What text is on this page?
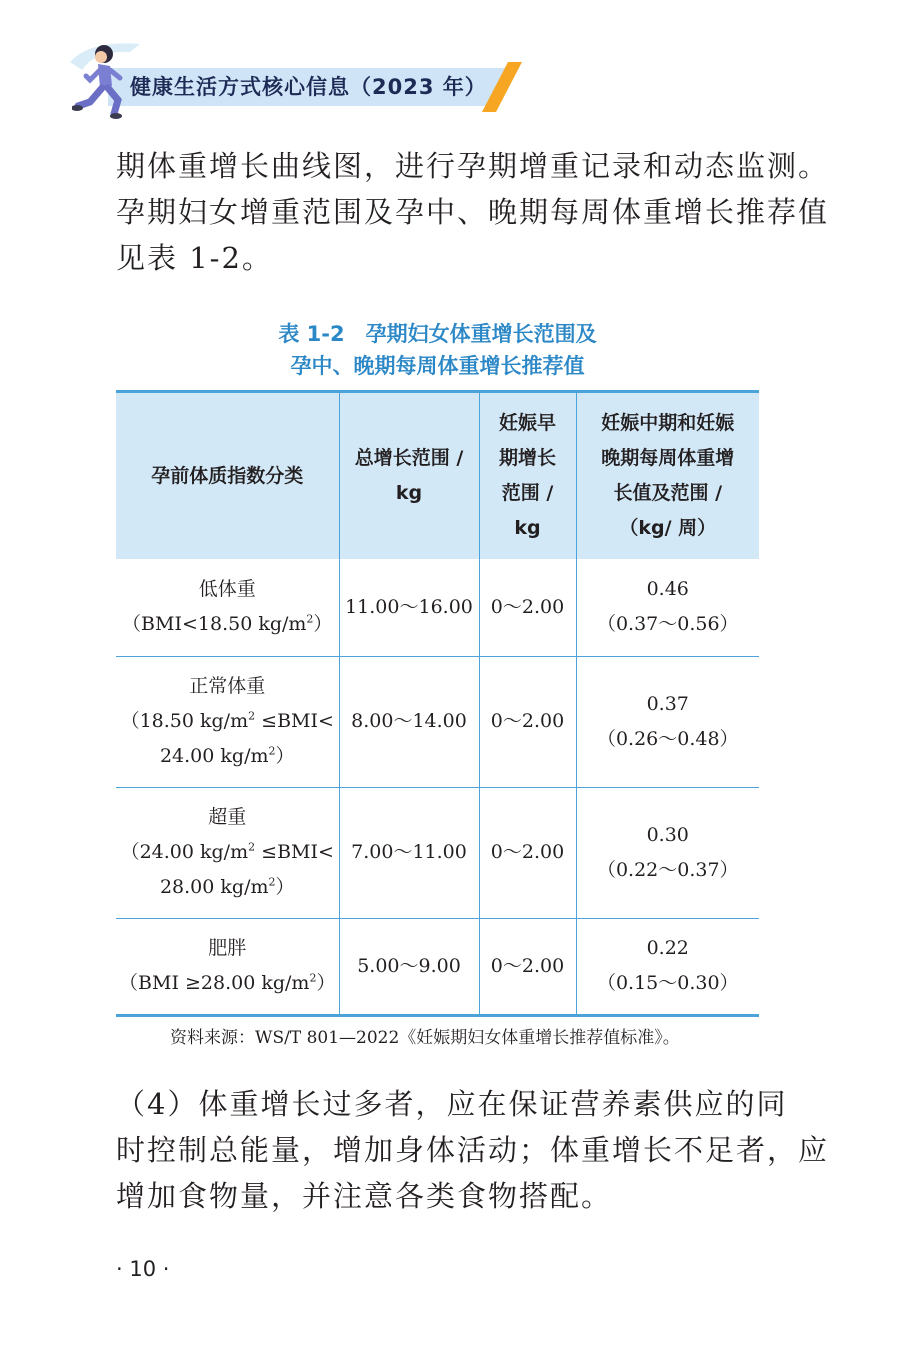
健康生活方式核心信息（2023 年）

期体重增长曲线图，进行孕期增重记录和动态监测。
孕期妇女增重范围及孕中、晚期每周体重增长推荐值
见表 1-2。

表 1-2　孕期妇女体重增长范围及
孕中、晚期每周体重增长推荐值
孕前体质指数分类	总增长范围 /
kg	妊娠早
期增长
范围 /
kg	妊娠中期和妊娠
晚期每周体重增
长值及范围 /
（kg/ 周）

低体重
（BMI<18.50 $kg/m^2$）	11.00～16.00	0～2.00	0.46
（0.37～0.56）

正常体重
（18.50 $kg/m^2 \le BMI<$
24.00 $kg/m^2$）	8.00～14.00	0～2.00	0.37
（0.26～0.48）

超重
（24.00 $kg/m^2 \le BMI<$
28.00 $kg/m^2$）	7.00～11.00	0～2.00	0.30
（0.22～0.37）

肥胖
（BMI ≥28.00 $kg/m^2$）	5.00～9.00	0～2.00	0.22
（0.15～0.30）
资料来源：WS/T 801—2022《妊娠期妇女体重增长推荐值标准》。

（4）体重增长过多者，应在保证营养素供应的同
时控制总能量，增加身体活动；体重增长不足者，应
增加食物量，并注意各类食物搭配。

· 10 ·
